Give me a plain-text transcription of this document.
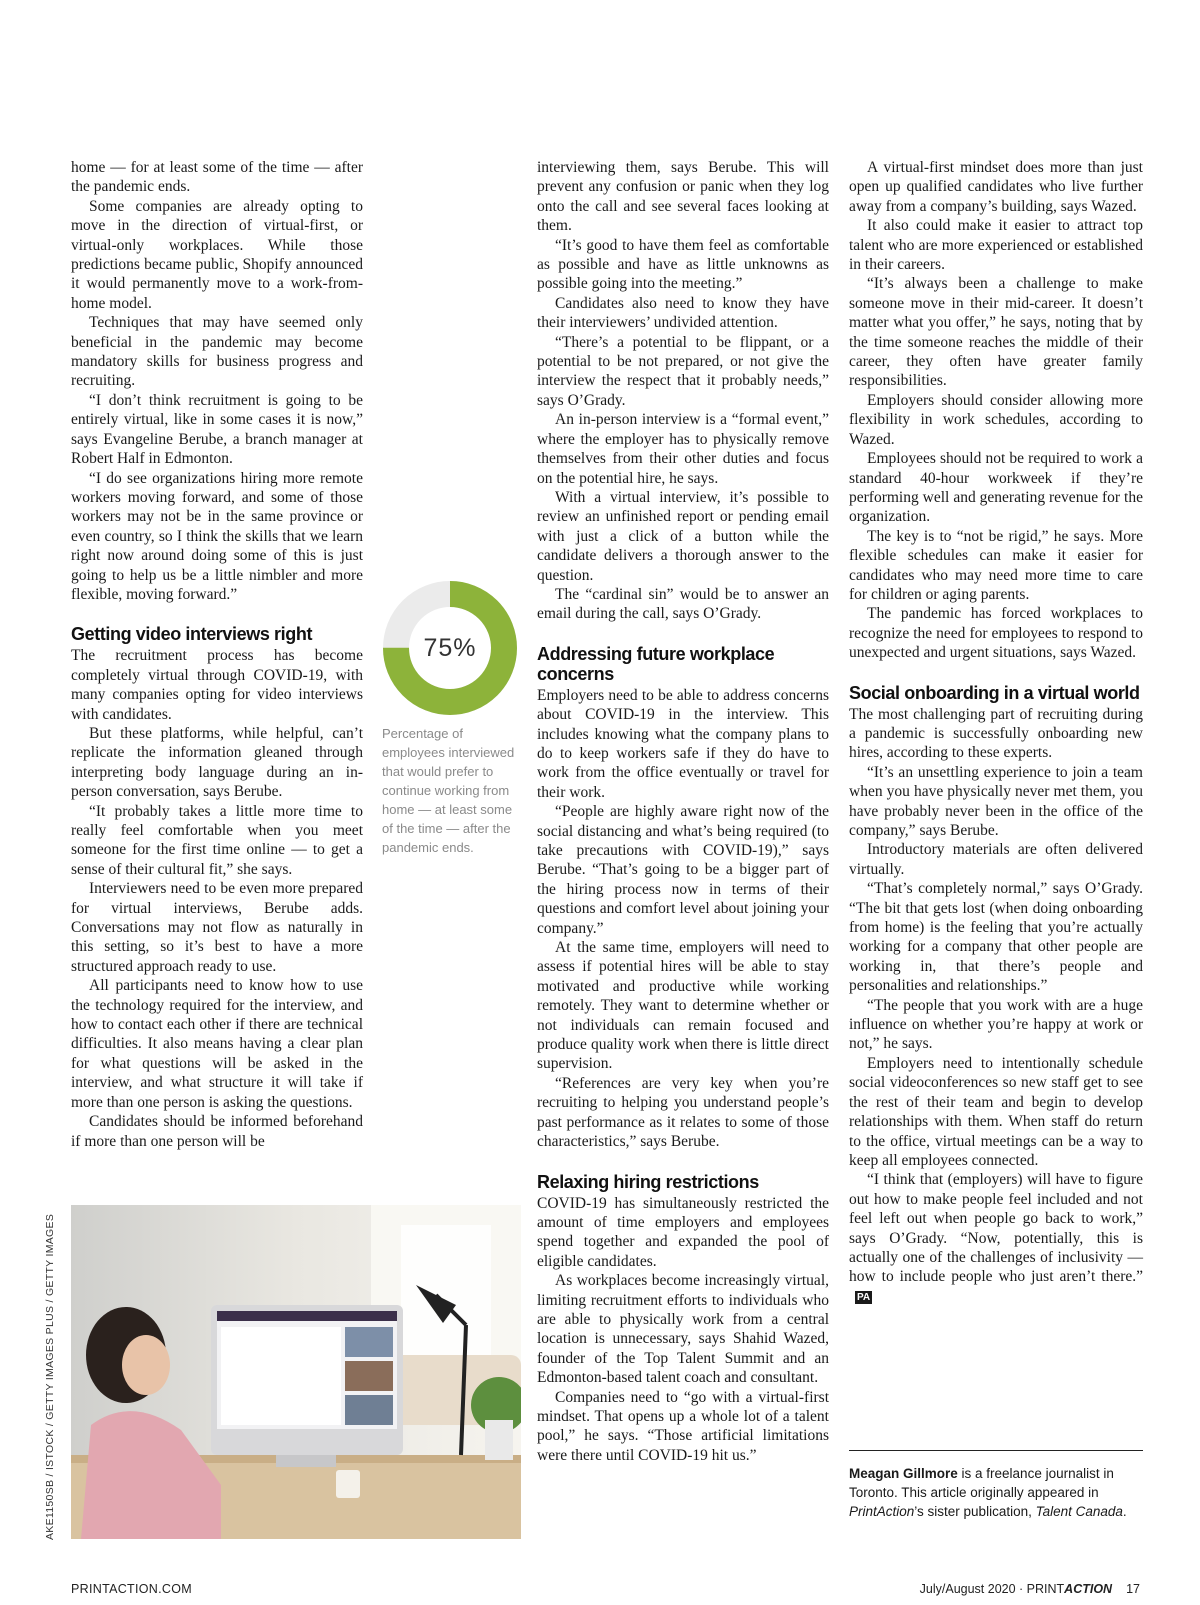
home — for at least some of the time — after the pandemic ends.

Some companies are already opting to move in the direction of virtual-first, or virtual-only workplaces. While those predictions became public, Shopify announced it would permanently move to a work-from-home model.

Techniques that may have seemed only beneficial in the pandemic may become mandatory skills for business progress and recruiting.

“I don’t think recruitment is going to be entirely virtual, like in some cases it is now,” says Evangeline Berube, a branch manager at Robert Half in Edmonton.

“I do see organizations hiring more remote workers moving forward, and some of those workers may not be in the same province or even country, so I think the skills that we learn right now around doing some of this is just going to help us be a little nimbler and more flexible, moving forward.”

Getting video interviews right

The recruitment process has become completely virtual through COVID-19, with many companies opting for video interviews with candidates.

But these platforms, while helpful, can’t replicate the information gleaned through interpreting body language during an in-person conversation, says Berube.

“It probably takes a little more time to really feel comfortable when you meet someone for the first time online — to get a sense of their cultural fit,” she says.

Interviewers need to be even more prepared for virtual interviews, Berube adds. Conversations may not flow as naturally in this setting, so it’s best to have a more structured approach ready to use.

All participants need to know how to use the technology required for the interview, and how to contact each other if there are technical difficulties. It also means having a clear plan for what questions will be asked in the interview, and what structure it will take if more than one person is asking the questions.

Candidates should be informed beforehand if more than one person will be

interviewing them, says Berube. This will prevent any confusion or panic when they log onto the call and see several faces looking at them.

“It’s good to have them feel as comfortable as possible and have as little unknowns as possible going into the meeting.”

Candidates also need to know they have their interviewers’ undivided attention.

“There’s a potential to be flippant, or a potential to be not prepared, or not give the interview the respect that it probably needs,” says O’Grady.

An in-person interview is a “formal event,” where the employer has to physically remove themselves from their other duties and focus on the potential hire, he says.

With a virtual interview, it’s possible to review an unfinished report or pending email with just a click of a button while the candidate delivers a thorough answer to the question.

The “cardinal sin” would be to answer an email during the call, says O’Grady.

Addressing future workplace concerns

Employers need to be able to address concerns about COVID-19 in the interview. This includes knowing what the company plans to do to keep workers safe if they do have to work from the office eventually or travel for their work.

“People are highly aware right now of the social distancing and what’s being required (to take precautions with COVID-19),” says Berube. “That’s going to be a bigger part of the hiring process now in terms of their questions and comfort level about joining your company.”

At the same time, employers will need to assess if potential hires will be able to stay motivated and productive while working remotely. They want to determine whether or not individuals can remain focused and produce quality work when there is little direct supervision.

“References are very key when you’re recruiting to helping you understand people’s past performance as it relates to some of those characteristics,” says Berube.

Relaxing hiring restrictions

COVID-19 has simultaneously restricted the amount of time employers and employees spend together and expanded the pool of eligible candidates.

As workplaces become increasingly virtual, limiting recruitment efforts to individuals who are able to physically work from a central location is unnecessary, says Shahid Wazed, founder of the Top Talent Summit and an Edmonton-based talent coach and consultant.

Companies need to “go with a virtual-first mindset. That opens up a whole lot of a talent pool,” he says. “Those artificial limitations were there until COVID-19 hit us.”

A virtual-first mindset does more than just open up qualified candidates who live further away from a company’s building, says Wazed.

It also could make it easier to attract top talent who are more experienced or established in their careers.

“It’s always been a challenge to make someone move in their mid-career. It doesn’t matter what you offer,” he says, noting that by the time someone reaches the middle of their career, they often have greater family responsibilities.

Employers should consider allowing more flexibility in work schedules, according to Wazed.

Employees should not be required to work a standard 40-hour workweek if they’re performing well and generating revenue for the organization.

The key is to “not be rigid,” he says. More flexible schedules can make it easier for candidates who may need more time to care for children or aging parents.

The pandemic has forced workplaces to recognize the need for employees to respond to unexpected and urgent situations, says Wazed.

Social onboarding in a virtual world

The most challenging part of recruiting during a pandemic is successfully onboarding new hires, according to these experts.

“It’s an unsettling experience to join a team when you have physically never met them, you have probably never been in the office of the company,” says Berube.

Introductory materials are often delivered virtually.

“That’s completely normal,” says O’Grady. “The bit that gets lost (when doing onboarding from home) is the feeling that you’re actually working for a company that other people are working in, that there’s people and personalities and relationships.”

“The people that you work with are a huge influence on whether you’re happy at work or not,” he says.

Employers need to intentionally schedule social videoconferences so new staff get to see the rest of their team and begin to develop relationships with them. When staff do return to the office, virtual meetings can be a way to keep all employees connected.

“I think that (employers) will have to figure out how to make people feel included and not feel left out when people go back to work,” says O’Grady. “Now, potentially, this is actually one of the challenges of inclusivity — how to include people who just aren’t there.”PA

75%
Percentage of employees interviewed that would prefer to continue working from home — at least some of the time — after the pandemic ends.
AKE1150SB / ISTOCK / GETTY IMAGES PLUS / GETTY IMAGES	Meagan Gillmore is a freelance journalist in Toronto. This article originally appeared in PrintAction’s sister publication, Talent Canada.
PRINTACTION.COM	July/August 2020 · PRINTACTION 17
